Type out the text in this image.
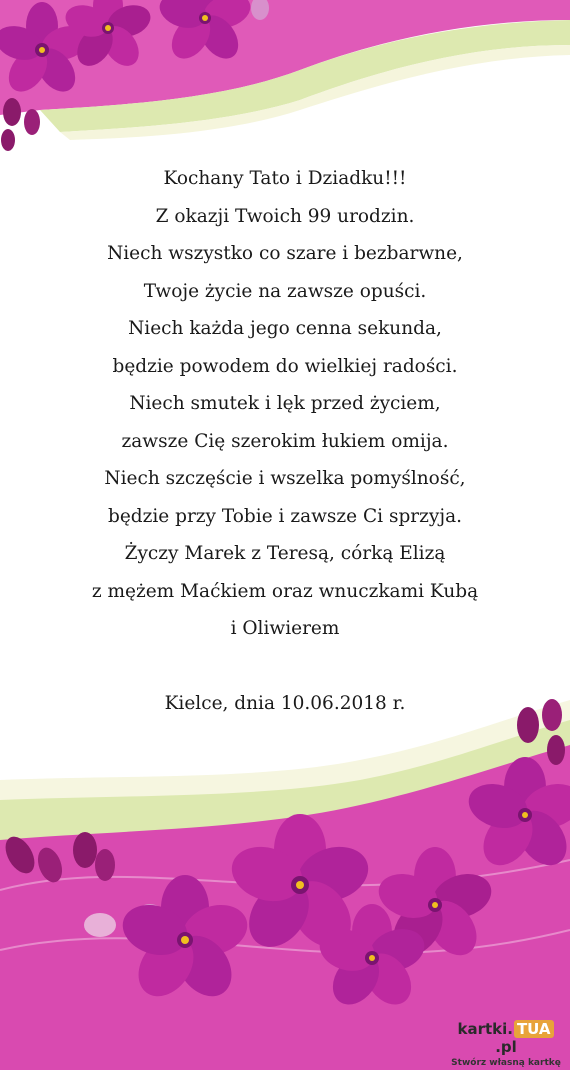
Kochany Tato i Dziadku!!!
Z okazji Twoich 99 urodzin.
Niech wszystko co szare i bezbarwne,
Twoje życie na zawsze opuści.
Niech każda jego cenna sekunda,
będzie powodem do wielkiej radości.
Niech smutek i lęk przed życiem,
zawsze Cię szerokim łukiem omija.
Niech szczęście i wszelka pomyślność,
będzie przy Tobie i zawsze Ci sprzyja.
Życzy Marek z Teresą, córką Elizą
z mężem Maćkiem oraz wnuczkami Kubą
i Oliwierem
Kielce, dnia 10.06.2018 r.
kartki. TUA.pl
Stwórz własną kartkę
